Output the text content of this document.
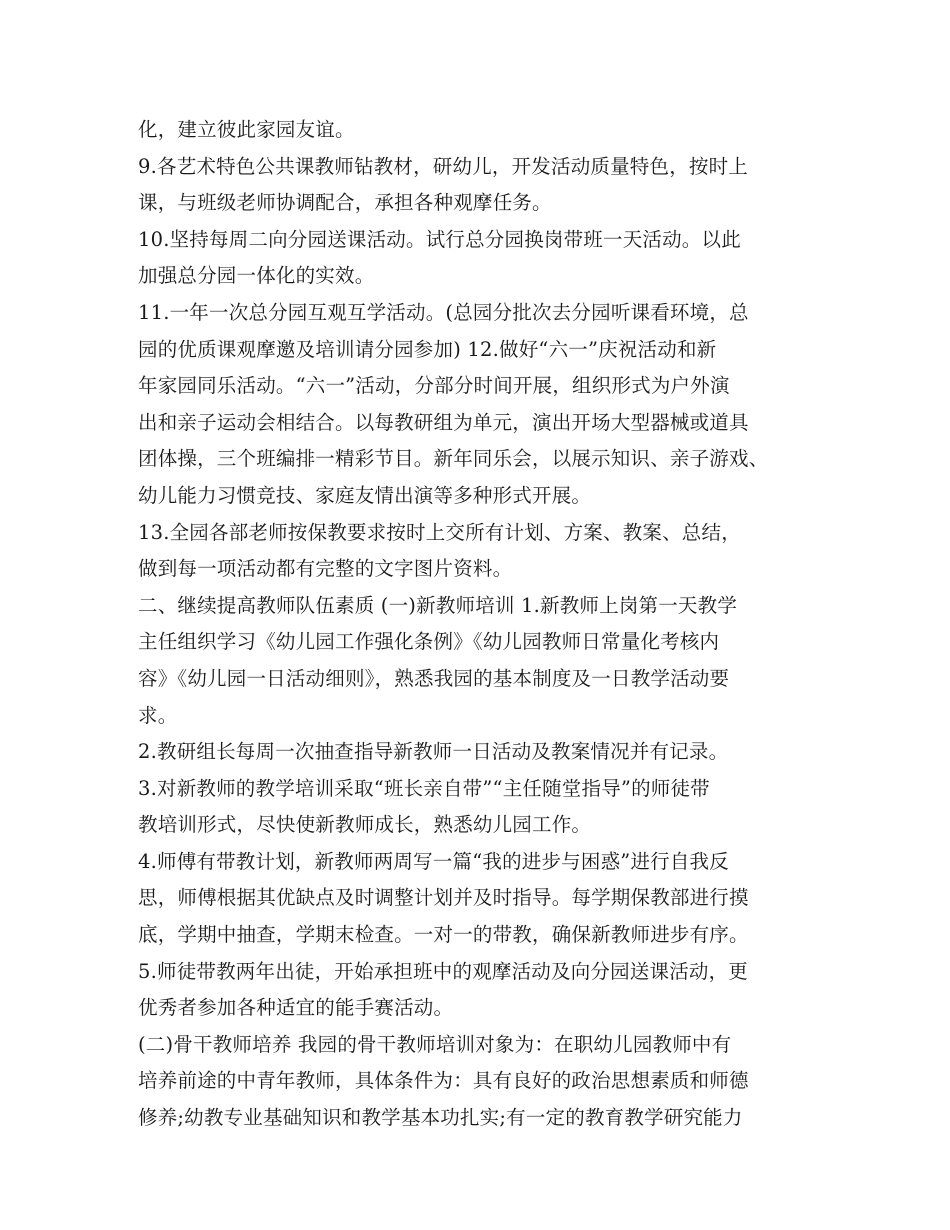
化，建立彼此家园友谊。
9.各艺术特色公共课教师钻教材，研幼儿，开发活动质量特色，按时上
课，与班级老师协调配合，承担各种观摩任务。
10.坚持每周二向分园送课活动。试行总分园换岗带班一天活动。以此
加强总分园一体化的实效。
11.一年一次总分园互观互学活动。(总园分批次去分园听课看环境，总
园的优质课观摩邀及培训请分园参加) 12.做好“六一”庆祝活动和新
年家园同乐活动。“六一”活动，分部分时间开展，组织形式为户外演
出和亲子运动会相结合。以每教研组为单元，演出开场大型器械或道具
团体操，三个班编排一精彩节目。新年同乐会，以展示知识、亲子游戏、
幼儿能力习惯竞技、家庭友情出演等多种形式开展。
13.全园各部老师按保教要求按时上交所有计划、方案、教案、总结，
做到每一项活动都有完整的文字图片资料。
二、继续提高教师队伍素质 (一)新教师培训 1.新教师上岗第一天教学
主任组织学习《幼儿园工作强化条例》《幼儿园教师日常量化考核内
容》《幼儿园一日活动细则》，熟悉我园的基本制度及一日教学活动要
求。
2.教研组长每周一次抽查指导新教师一日活动及教案情况并有记录。
3.对新教师的教学培训采取“班长亲自带”“主任随堂指导”的师徒带
教培训形式，尽快使新教师成长，熟悉幼儿园工作。
4.师傅有带教计划，新教师两周写一篇“我的进步与困惑”进行自我反
思，师傅根据其优缺点及时调整计划并及时指导。每学期保教部进行摸
底，学期中抽查，学期末检查。一对一的带教，确保新教师进步有序。
5.师徒带教两年出徒，开始承担班中的观摩活动及向分园送课活动，更
优秀者参加各种适宜的能手赛活动。
(二)骨干教师培养 我园的骨干教师培训对象为：在职幼儿园教师中有
培养前途的中青年教师，具体条件为：具有良好的政治思想素质和师德
修养;幼教专业基础知识和教学基本功扎实;有一定的教育教学研究能力
